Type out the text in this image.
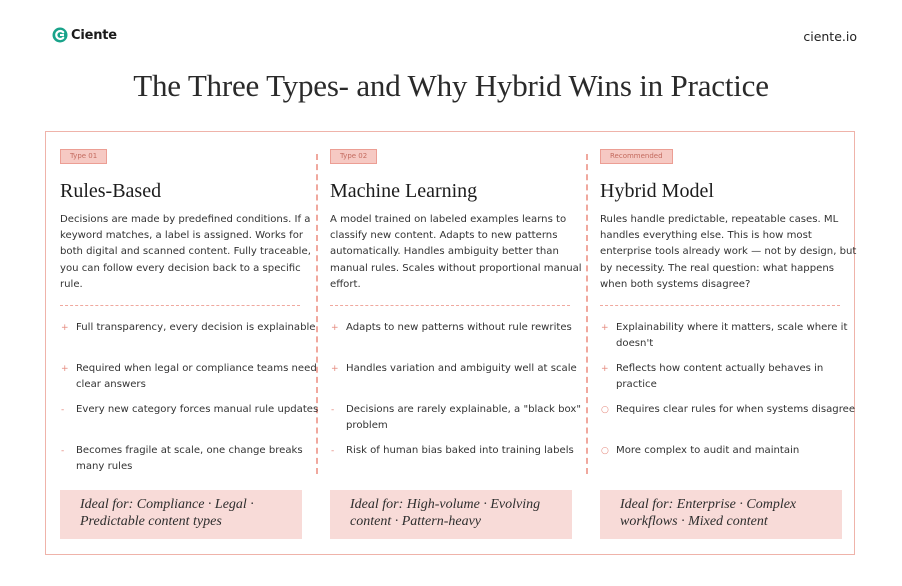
Ciente	ciente.io
The Three Types- and Why Hybrid Wins in Practice
Type 01
Rules-Based
Decisions are made by predefined conditions. If a keyword matches, a label is assigned. Works for both digital and scanned content. Fully traceable, you can follow every decision back to a specific rule.
+ Full transparency, every decision is explainable
+ Required when legal or compliance teams need clear answers
-	Every new category forces manual rule updates
-	Becomes fragile at scale, one change breaks many rules
Ideal for: Compliance · Legal · Predictable content types
Type 02
Machine Learning
A model trained on labeled examples learns to classify new content. Adapts to new patterns automatically. Handles ambiguity better than manual rules. Scales without proportional manual effort.
+ Adapts to new patterns without rule rewrites
+ Handles variation and ambiguity well at scale
-	Decisions are rarely explainable, a "black box" problem
-	Risk of human bias baked into training labels
Ideal for: High-volume · Evolving content · Pattern-heavy
Recommended
Hybrid Model
Rules handle predictable, repeatable cases. ML handles everything else. This is how most enterprise tools already work — not by design, but by necessity. The real question: what happens when both systems disagree?
+ Explainability where it matters, scale where it doesn't
+ Reflects how content actually behaves in practice
○ Requires clear rules for when systems disagree
○ More complex to audit and maintain
Ideal for: Enterprise · Complex workflows · Mixed content
